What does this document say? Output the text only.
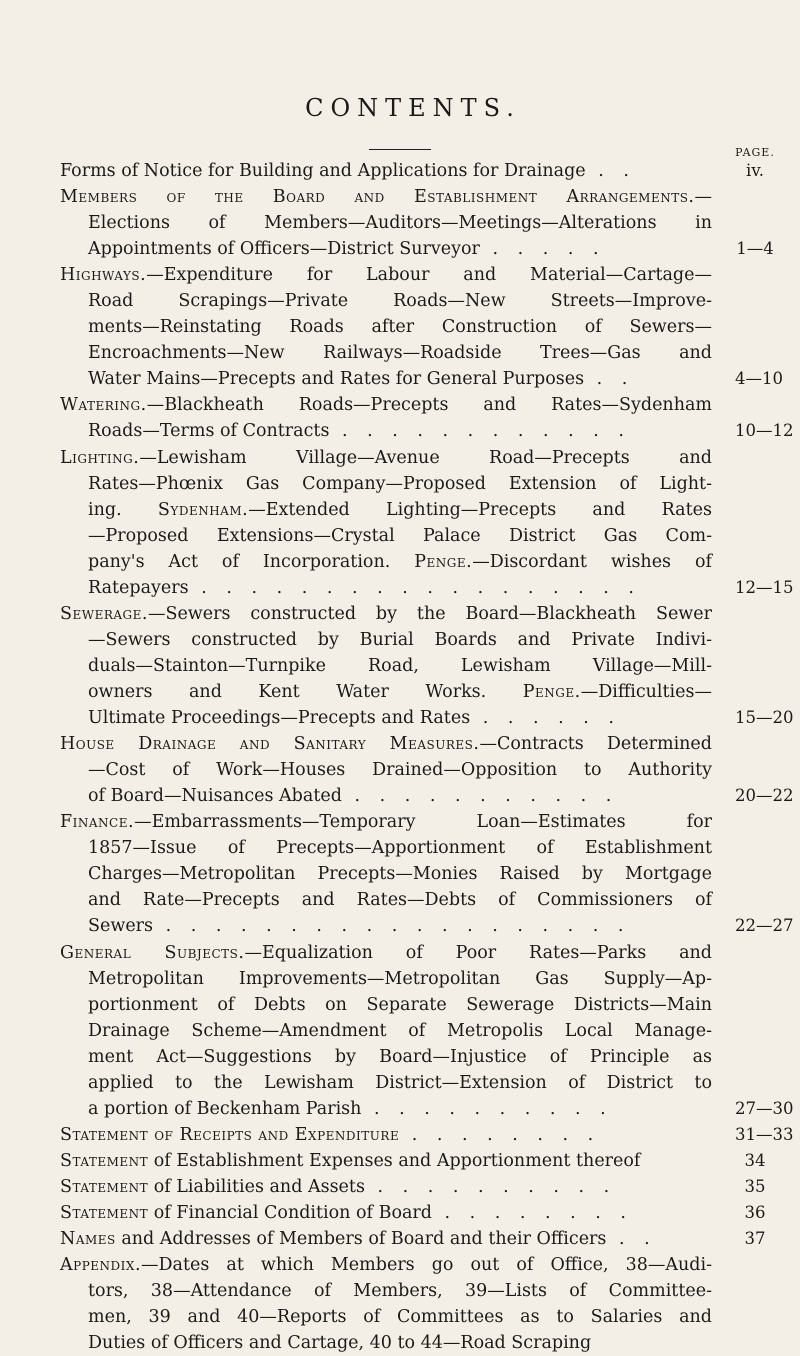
CONTENTS.
PAGE.
Forms of Notice for Building and Applications for Drainage . .	iv.
Members of the Board and Establishment Arrangements.—
Elections of Members—Auditors—Meetings—Alterations in
Appointments of Officers—District Surveyor . . . . .	1—4
Highways.—Expenditure for Labour and Material—Cartage—
Road Scrapings—Private Roads—New Streets—Improve-
ments—Reinstating Roads after Construction of Sewers—
Encroachments—New Railways—Roadside Trees—Gas and
Water Mains—Precepts and Rates for General Purposes . .	4—10
Watering.—Blackheath Roads—Precepts and Rates—Sydenham
Roads—Terms of Contracts . . . . . . . . . . . .	10—12
Lighting.—Lewisham Village—Avenue Road—Precepts and
Rates—Phœnix Gas Company—Proposed Extension of Light-
ing. Sydenham.—Extended Lighting—Precepts and Rates
—Proposed Extensions—Crystal Palace District Gas Com-
pany's Act of Incorporation. Penge.—Discordant wishes of
Ratepayers . . . . . . . . . . . . . . . . . .	12—15
Sewerage.—Sewers constructed by the Board—Blackheath Sewer
—Sewers constructed by Burial Boards and Private Indivi-
duals—Stainton—Turnpike Road, Lewisham Village—Mill-
owners and Kent Water Works. Penge.—Difficulties—
Ultimate Proceedings—Precepts and Rates . . . . . .	15—20
House Drainage and Sanitary Measures.—Contracts Determined
—Cost of Work—Houses Drained—Opposition to Authority
of Board—Nuisances Abated . . . . . . . . . . .	20—22
Finance.—Embarrassments—Temporary Loan—Estimates for
1857—Issue of Precepts—Apportionment of Establishment
Charges—Metropolitan Precepts—Monies Raised by Mortgage
and Rate—Precepts and Rates—Debts of Commissioners of
Sewers . . . . . . . . . . . . . . . . . . .	22—27
General Subjects.—Equalization of Poor Rates—Parks and
Metropolitan Improvements—Metropolitan Gas Supply—Ap-
portionment of Debts on Separate Sewerage Districts—Main
Drainage Scheme—Amendment of Metropolis Local Manage-
ment Act—Suggestions by Board—Injustice of Principle as
applied to the Lewisham District—Extension of District to
a portion of Beckenham Parish . . . . . . . . . .	27—30
Statement of Receipts and Expenditure . . . . . . . .	31—33
Statement of Establishment Expenses and Apportionment thereof	34
Statement of Liabilities and Assets . . . . . . . . . .	35
Statement of Financial Condition of Board . . . . . . . .	36
Names and Addresses of Members of Board and their Officers . .	37
Appendix.—Dates at which Members go out of Office, 38—Audi-
tors, 38—Attendance of Members, 39—Lists of Committee-
men, 39 and 40—Reports of Committees as to Salaries and
Duties of Officers and Cartage, 40 to 44—Road Scraping
